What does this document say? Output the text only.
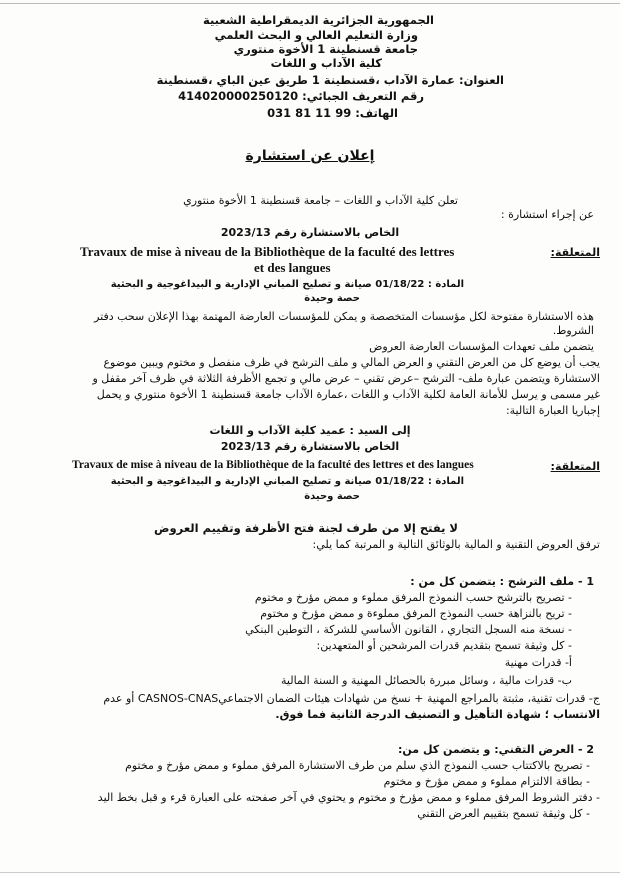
الجمهورية الجزائرية الديمقراطية الشعبية
وزارة التعليم العالي و البحث العلمي
جامعة قسنطينة 1 الأخوة منتوري
كلية الآداب و اللغات
العنوان: عمارة الآداب ،قسنطينة 1 طريق عين الباي ،قسنطينة
رقم التعريف الجبائي: 414020000250120
الهاتف: 99 11 81 031
إعلان عن استشارة
تعلن كلية الآداب و اللغات – جامعة قسنطينة 1 الأخوة منتوري
عن إجراء استشارة :
الخاص بالاستشارة رقم 2023/13
المتعلقة:
Travaux de mise à niveau de la Bibliothèque de la faculté des lettres
et des langues
المادة : 01/18/22 صيانة و تصليح المباني الإدارية و البيداغوجية و البحثية
حصة وحيدة
هذه الاستشارة مفتوحة لكل مؤسسات المتخصصة و يمكن للمؤسسات العارضة المهتمة بهذا الإعلان سحب دفتر
الشروط.
يتضمن ملف تعهدات المؤسسات العارضة العروض
يجب أن يوضع كل من العرض التقني و العرض المالي و ملف الترشح في ظرف منفصل و مختوم ويبين موضوع
الاستشارة ويتضمن عبارة ملف- الترشح –عرض تقني – عرض مالي و تجمع الأظرفة الثلاثة في ظرف آخر مقفل و
غير مسمى و يرسل للأمانة العامة لكلية الآداب و اللغات ،عمارة الآداب جامعة قسنطينة 1 الأخوة منتوري و يحمل
إجباريا العبارة التالية:
إلى السيد : عميد كلية الآداب و اللغات
الخاص بالاستشارة رقم 2023/13
المتعلقة:
Travaux de mise à niveau de la Bibliothèque de la faculté des lettres et des langues
المادة : 01/18/22 صيانة و تصليح المباني الإدارية و البيداغوجية و البحثية
حصة وحيدة
لا يفتح إلا من طرف لجنة فتح الأظرفة وتقييم العروض
ترفق العروض التقنية و المالية بالوثائق التالية و المرتبة كما يلي:
1 - ملف الترشح : يتضمن كل من :
- تصريح بالترشح حسب النموذج المرفق مملوء و ممض مؤرخ و مختوم
- تريح بالنزاهة حسب النموذج المرفق مملوءة و ممض مؤرخ و مختوم
- نسخة منه السجل التجاري ، القانون الأساسي للشركة ، التوطين البنكي
- كل وثيقة تسمح بتقديم قدرات المرشحين أو المتعهدين:
أ- قدرات مهنية
ب- قدرات مالية ، وسائل مبررة بالحصائل المهنية و السنة المالية
ج- قدرات تقنية، مثبتة بالمراجع المهنية + نسخ من شهادات هيئات الضمان الاجتماعيCASNOS-CNAS أو عدم
الانتساب ؛ شهادة التأهيل و التصنيف الدرجة الثانية فما فوق.
2 - العرض التقني: و يتضمن كل من:
- تصريح بالاكتتاب حسب النموذج الذي سلم من طرف الاستشارة المرفق مملوء و ممض مؤرخ و مختوم
- بطاقة الالتزام مملوء و ممض مؤرخ و مختوم
- دفتر الشروط المرفق مملوء و ممض مؤرخ و مختوم و يحتوي في آخر صفحته على العبارة قرء و قبل بخط اليد
- كل وثيقة تسمح بتقييم العرض التقني
